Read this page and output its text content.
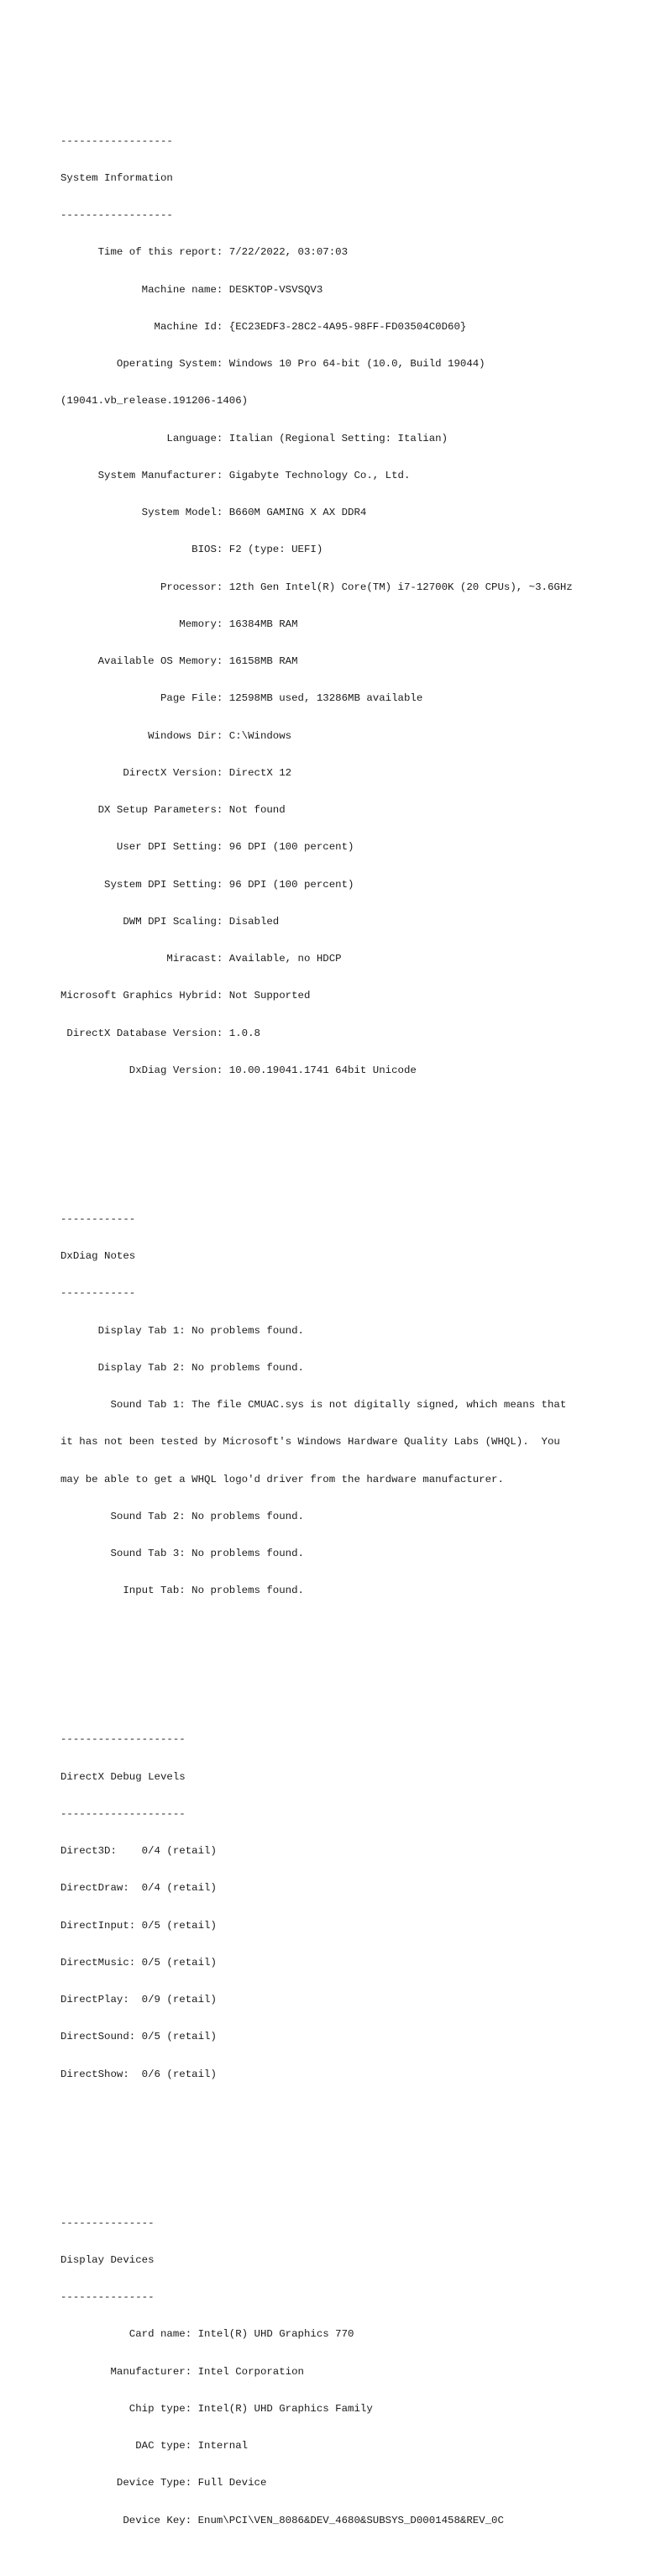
------------------

System Information

------------------

Time of this report: 7/22/2022, 03:07:03

Machine name: DESKTOP-VSVSQV3

Machine Id: {EC23EDF3-28C2-4A95-98FF-FD03504C0D60}

Operating System: Windows 10 Pro 64-bit (10.0, Build 19044)

(19041.vb_release.191206-1406)

Language: Italian (Regional Setting: Italian)

System Manufacturer: Gigabyte Technology Co., Ltd.

System Model: B660M GAMING X AX DDR4

BIOS: F2 (type: UEFI)

Processor: 12th Gen Intel(R) Core(TM) i7-12700K (20 CPUs), ~3.6GHz

Memory: 16384MB RAM

Available OS Memory: 16158MB RAM

Page File: 12598MB used, 13286MB available

Windows Dir: C:\Windows

DirectX Version: DirectX 12

DX Setup Parameters: Not found

User DPI Setting: 96 DPI (100 percent)

System DPI Setting: 96 DPI (100 percent)

DWM DPI Scaling: Disabled

Miracast: Available, no HDCP

Microsoft Graphics Hybrid: Not Supported

DirectX Database Version: 1.0.8

DxDiag Version: 10.00.19041.1741 64bit Unicode

------------

DxDiag Notes

------------

Display Tab 1: No problems found.

Display Tab 2: No problems found.

Sound Tab 1: The file CMUAC.sys is not digitally signed, which means that

it has not been tested by Microsoft's Windows Hardware Quality Labs (WHQL).  You

may be able to get a WHQL logo'd driver from the hardware manufacturer.

Sound Tab 2: No problems found.

Sound Tab 3: No problems found.

Input Tab: No problems found.

--------------------

DirectX Debug Levels

--------------------

Direct3D:    0/4 (retail)

DirectDraw:  0/4 (retail)

DirectInput: 0/5 (retail)

DirectMusic: 0/5 (retail)

DirectPlay:  0/9 (retail)

DirectSound: 0/5 (retail)

DirectShow:  0/6 (retail)

---------------

Display Devices

---------------

Card name: Intel(R) UHD Graphics 770

Manufacturer: Intel Corporation

Chip type: Intel(R) UHD Graphics Family

DAC type: Internal

Device Type: Full Device

Device Key: Enum\PCI\VEN_8086&DEV_4680&SUBSYS_D0001458&REV_0C
